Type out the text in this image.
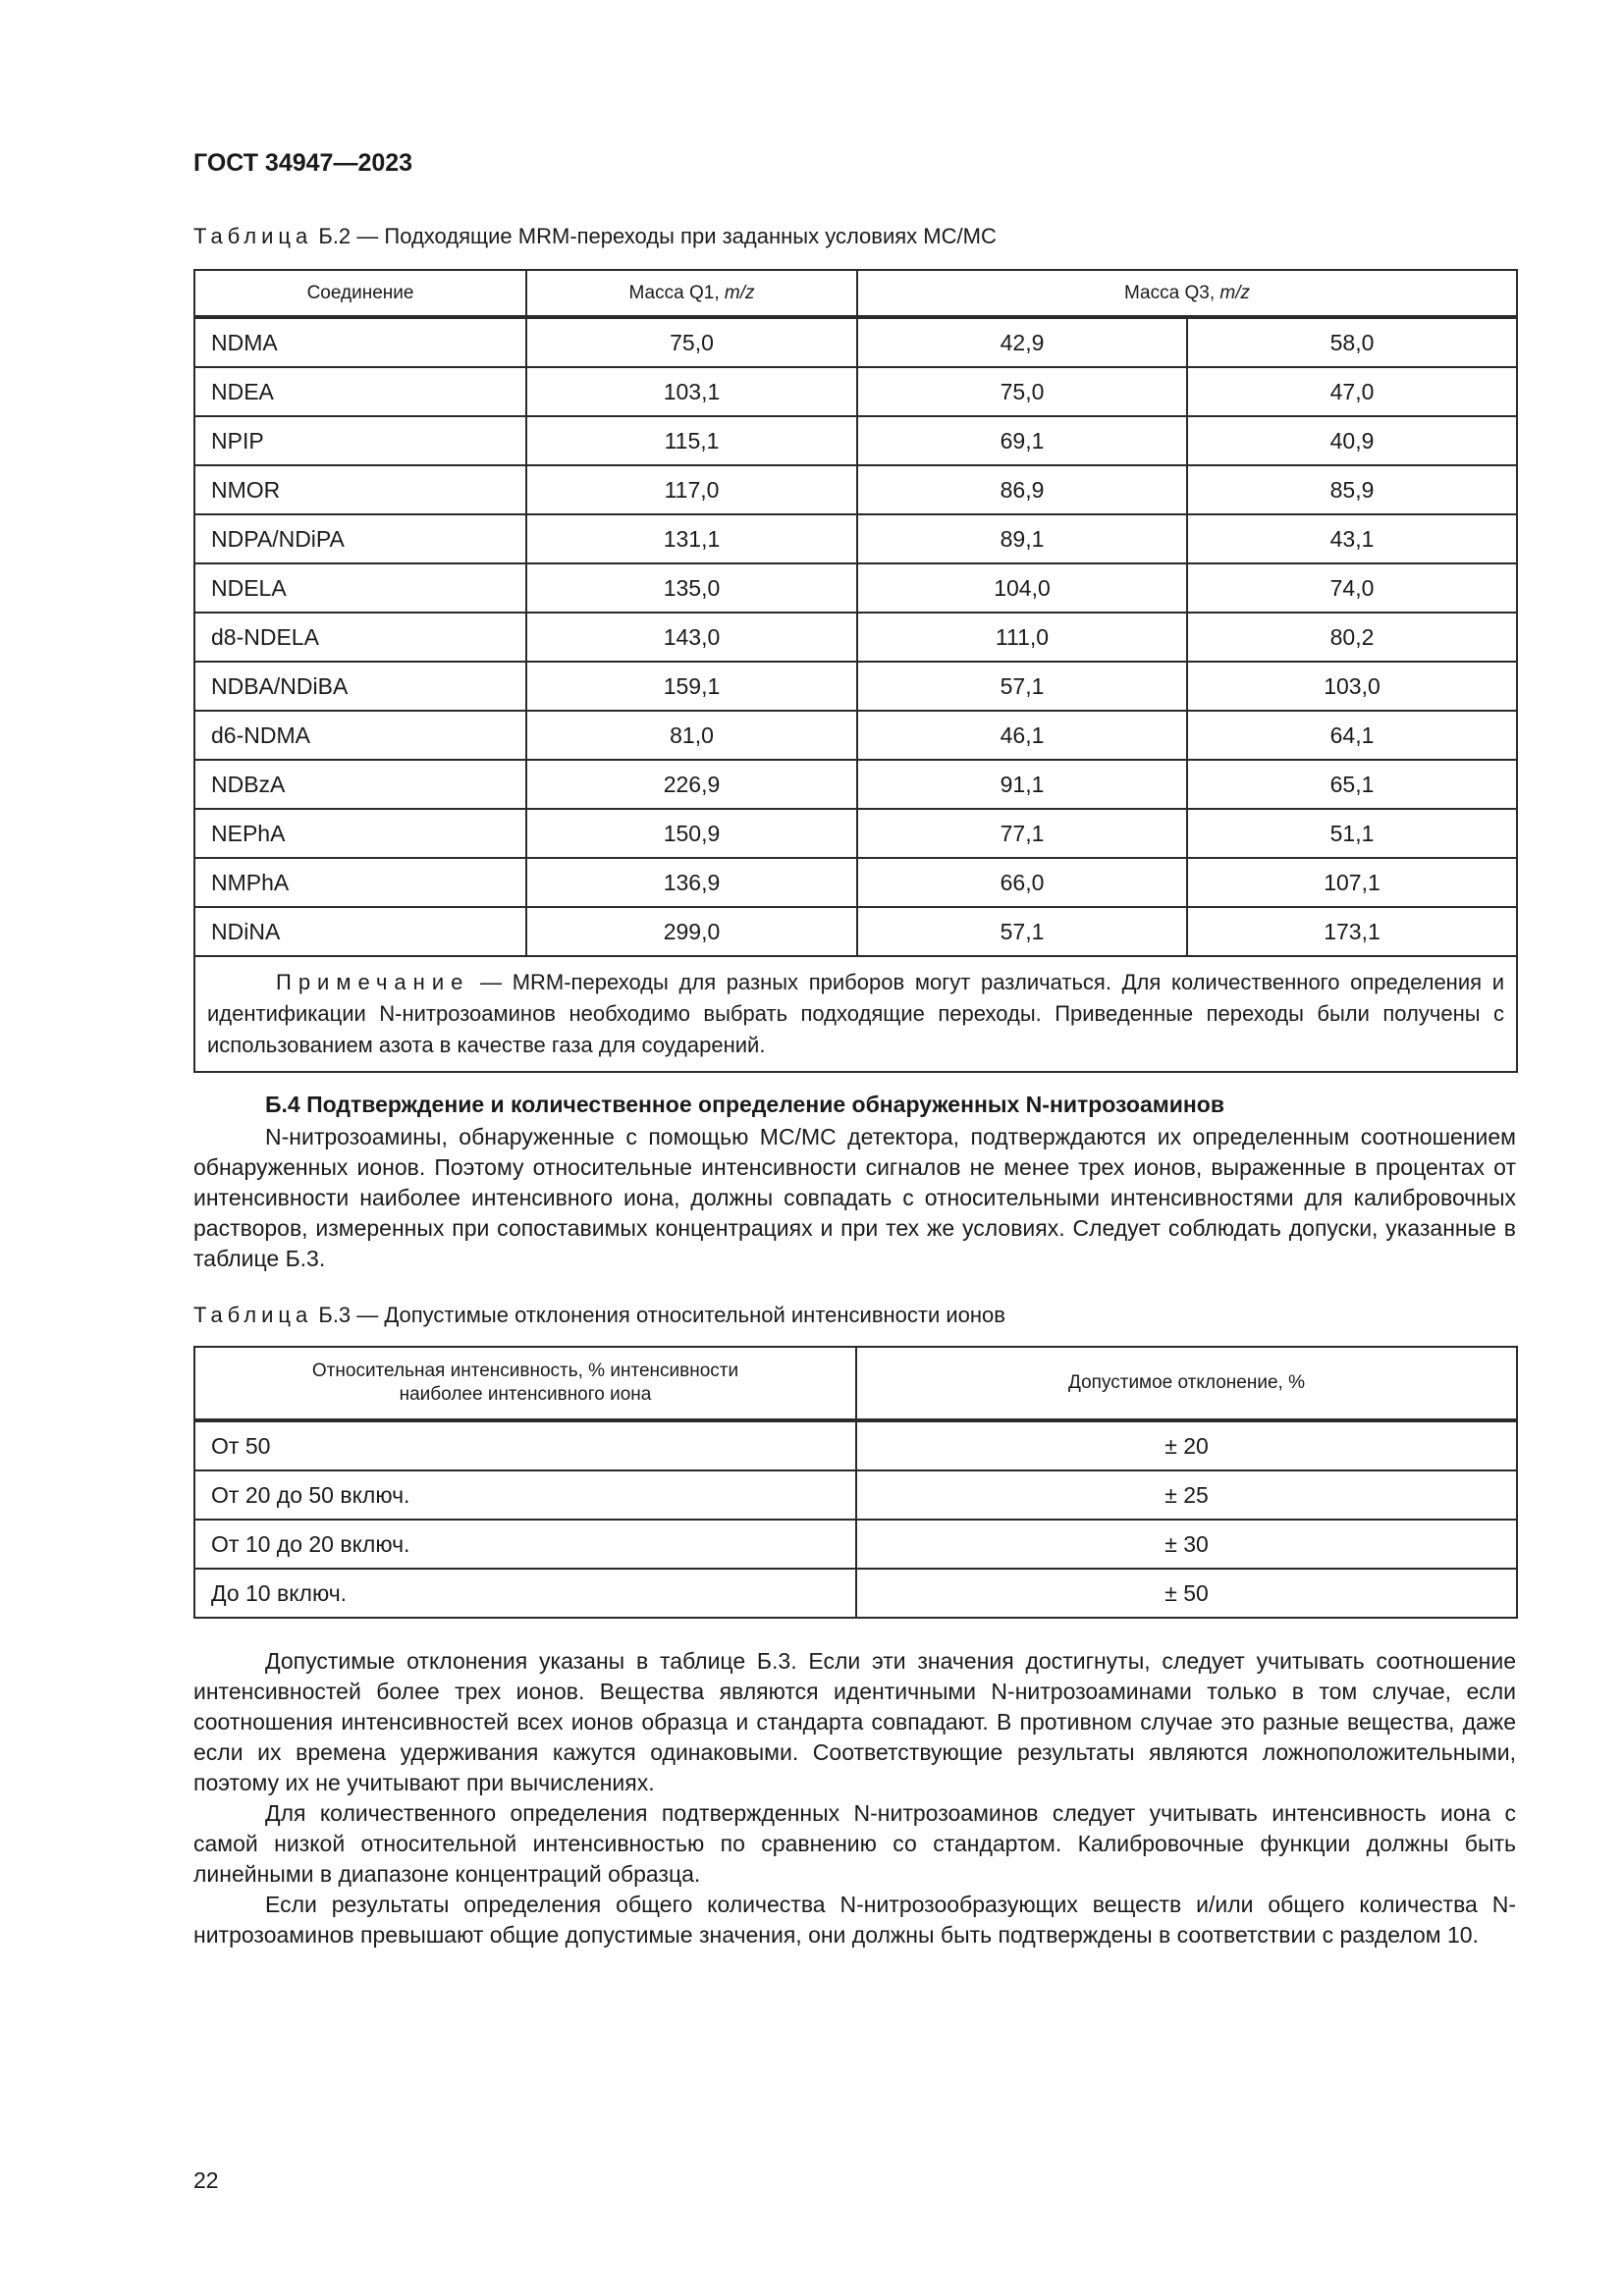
ГОСТ 34947—2023
Таблица Б.2 — Подходящие MRM-переходы при заданных условиях МС/МС
Соединение	Масса Q1, m/z	Масса Q3, m/z	
NDMA	75,0	42,9	58,0
NDEA	103,1	75,0	47,0
NPIP	115,1	69,1	40,9
NMOR	117,0	86,9	85,9
NDPA/NDiPA	131,1	89,1	43,1
NDELA	135,0	104,0	74,0
d8-NDELA	143,0	111,0	80,2
NDBA/NDiBA	159,1	57,1	103,0
d6-NDMA	81,0	46,1	64,1
NDBzA	226,9	91,1	65,1
NEPhA	150,9	77,1	51,1
NMPhA	136,9	66,0	107,1
NDiNA	299,0	57,1	173,1
Примечание — MRM-переходы для разных приборов могут различаться. Для количественного определения и идентификации N-нитрозоаминов необходимо выбрать подходящие переходы. Приведенные переходы были получены с использованием азота в качестве газа для соударений.			
Б.4 Подтверждение и количественное определение обнаруженных N-нитрозоаминов

N-нитрозоамины, обнаруженные с помощью МС/МС детектора, подтверждаются их определенным соотношением обнаруженных ионов. Поэтому относительные интенсивности сигналов не менее трех ионов, выраженные в процентах от интенсивности наиболее интенсивного иона, должны совпадать с относительными интенсивностями для калибровочных растворов, измеренных при сопоставимых концентрациях и при тех же условиях. Следует соблюдать допуски, указанные в таблице Б.3.

Таблица Б.3 — Допустимые отклонения относительной интенсивности ионов
Относительная интенсивность, % интенсивности
наиболее интенсивного иона	Допустимое отклонение, %
От 50	± 20
От 20 до 50 включ.	± 25
От 10 до 20 включ.	± 30
До 10 включ.	± 50

Допустимые отклонения указаны в таблице Б.3. Если эти значения достигнуты, следует учитывать соотношение интенсивностей более трех ионов. Вещества являются идентичными N-нитрозоаминами только в том случае, если соотношения интенсивностей всех ионов образца и стандарта совпадают. В противном случае это разные вещества, даже если их времена удерживания кажутся одинаковыми. Соответствующие результаты являются ложноположительными, поэтому их не учитывают при вычислениях.

Для количественного определения подтвержденных N-нитрозоаминов следует учитывать интенсивность иона с самой низкой относительной интенсивностью по сравнению со стандартом. Калибровочные функции должны быть линейными в диапазоне концентраций образца.

Если результаты определения общего количества N-нитрозообразующих веществ и/или общего количества N-нитрозоаминов превышают общие допустимые значения, они должны быть подтверждены в соответствии с разделом 10.

22
